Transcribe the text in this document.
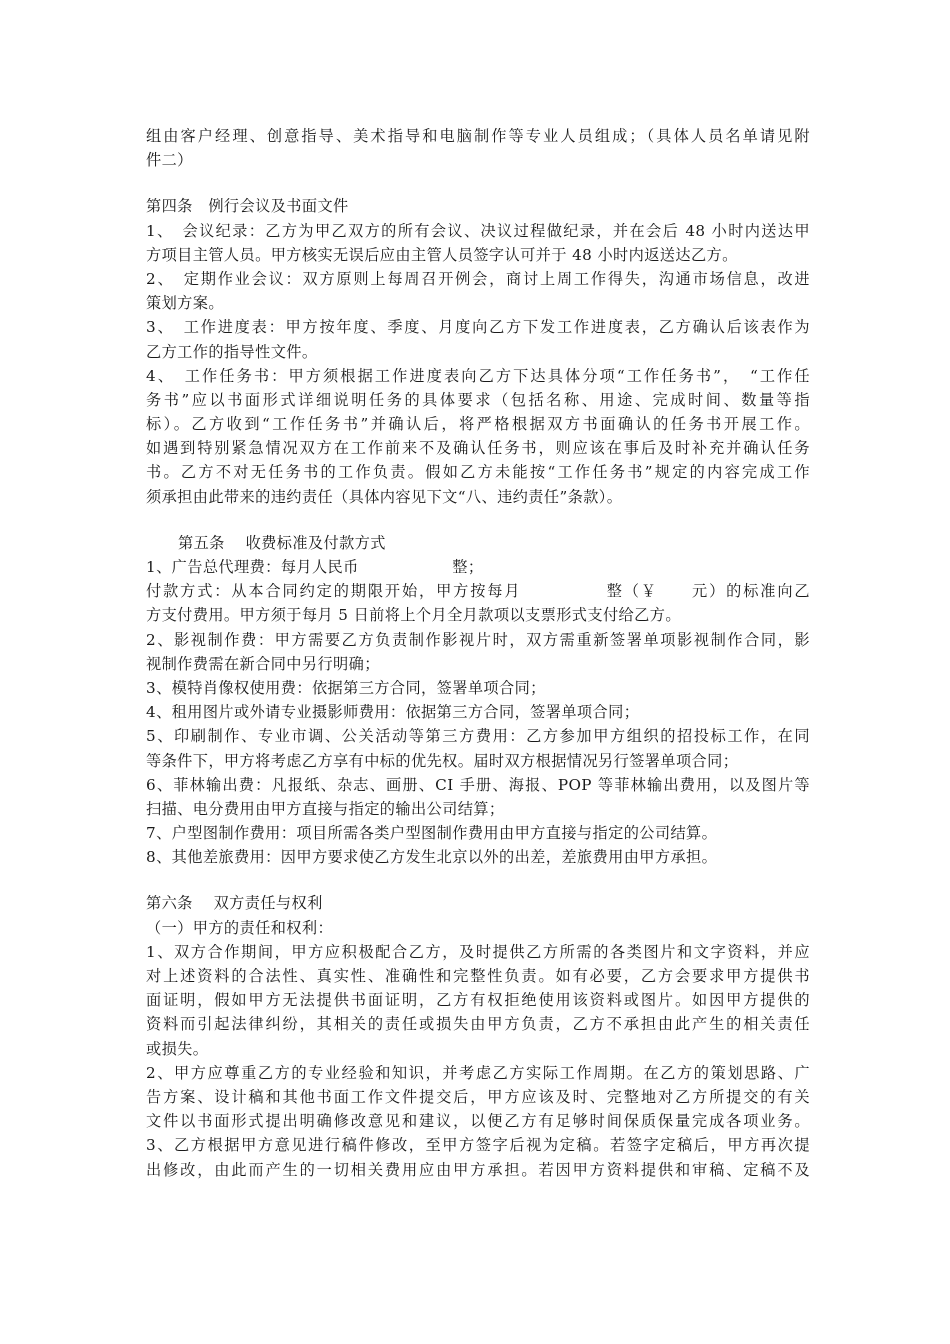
组由客户经理、创意指导、美术指导和电脑制作等专业人员组成；（具体人员名单请见附
件二）
第四条　例行会议及书面文件
1、　会议纪录：乙方为甲乙双方的所有会议、决议过程做纪录，并在会后 48 小时内送达甲
方项目主管人员。甲方核实无误后应由主管人员签字认可并于 48 小时内返送达乙方。
2、　定期作业会议：双方原则上每周召开例会，商讨上周工作得失，沟通市场信息，改进
策划方案。
3、　工作进度表：甲方按年度、季度、月度向乙方下发工作进度表，乙方确认后该表作为
乙方工作的指导性文件。
4、　工作任务书：甲方须根据工作进度表向乙方下达具体分项“工作任务书”，　“工作任
务书”应以书面形式详细说明任务的具体要求（包括名称、用途、完成时间、数量等指
标）。乙方收到“工作任务书”并确认后，将严格根据双方书面确认的任务书开展工作。
如遇到特别紧急情况双方在工作前来不及确认任务书，则应该在事后及时补充并确认任务
书。乙方不对无任务书的工作负责。假如乙方未能按“工作任务书”规定的内容完成工作
须承担由此带来的违约责任（具体内容见下文“八、违约责任”条款）。
第五条　 收费标准及付款方式
1、广告总代理费：每月人民币　　　　　　整；
付款方式：从本合同约定的期限开始，甲方按每月　　　　　整（￥　　元）的标准向乙
方支付费用。甲方须于每月 5 日前将上个月全月款项以支票形式支付给乙方。
2、影视制作费：甲方需要乙方负责制作影视片时，双方需重新签署单项影视制作合同，影
视制作费需在新合同中另行明确；
3、模特肖像权使用费：依据第三方合同，签署单项合同；
4、租用图片或外请专业摄影师费用：依据第三方合同，签署单项合同；
5、印刷制作、专业市调、公关活动等第三方费用：乙方参加甲方组织的招投标工作，在同
等条件下，甲方将考虑乙方享有中标的优先权。届时双方根据情况另行签署单项合同；
6、菲林输出费：凡报纸、杂志、画册、CI 手册、海报、POP 等菲林输出费用，以及图片等
扫描、电分费用由甲方直接与指定的输出公司结算；
7、户型图制作费用：项目所需各类户型图制作费用由甲方直接与指定的公司结算。
8、其他差旅费用：因甲方要求使乙方发生北京以外的出差，差旅费用由甲方承担。
第六条　 双方责任与权利
（一）甲方的责任和权利：
1、双方合作期间，甲方应积极配合乙方，及时提供乙方所需的各类图片和文字资料，并应
对上述资料的合法性、真实性、准确性和完整性负责。如有必要，乙方会要求甲方提供书
面证明，假如甲方无法提供书面证明，乙方有权拒绝使用该资料或图片。如因甲方提供的
资料而引起法律纠纷，其相关的责任或损失由甲方负责，乙方不承担由此产生的相关责任
或损失。
2、甲方应尊重乙方的专业经验和知识，并考虑乙方实际工作周期。在乙方的策划思路、广
告方案、设计稿和其他书面工作文件提交后，甲方应该及时、完整地对乙方所提交的有关
文件以书面形式提出明确修改意见和建议，以便乙方有足够时间保质保量完成各项业务。
3、乙方根据甲方意见进行稿件修改，至甲方签字后视为定稿。若签字定稿后，甲方再次提
出修改，由此而产生的一切相关费用应由甲方承担。若因甲方资料提供和审稿、定稿不及
